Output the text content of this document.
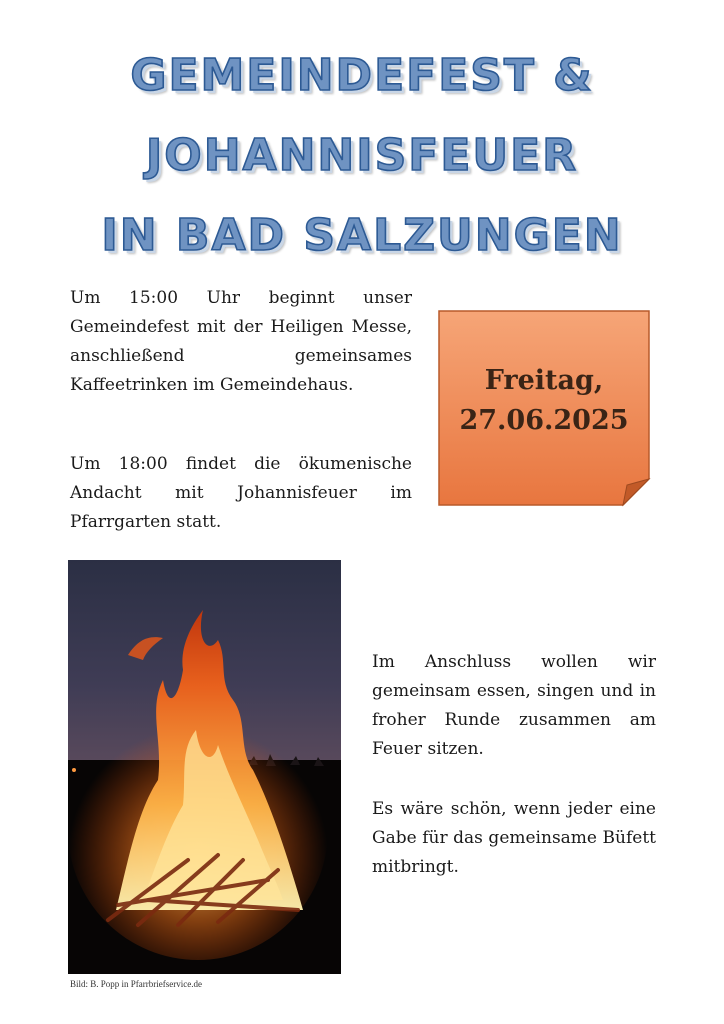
GEMEINDEFEST &
JOHANNISFEUER
IN BAD SALZUNGEN

Um 15:00 Uhr beginnt unser Gemeindefest mit der Heiligen Messe, anschließend gemeinsames Kaffeetrinken im Gemeindehaus.

Um 18:00 findet die ökumenische Andacht mit Johannisfeuer im Pfarrgarten statt.

Freitag,
27.06.2025

Im Anschluss wollen wir gemeinsam essen, singen und in froher Runde zusammen am Feuer sitzen.

Es wäre schön, wenn jeder eine Gabe für das gemeinsame Büfett mitbringt.

Bild: B. Popp in Pfarrbriefservice.de
